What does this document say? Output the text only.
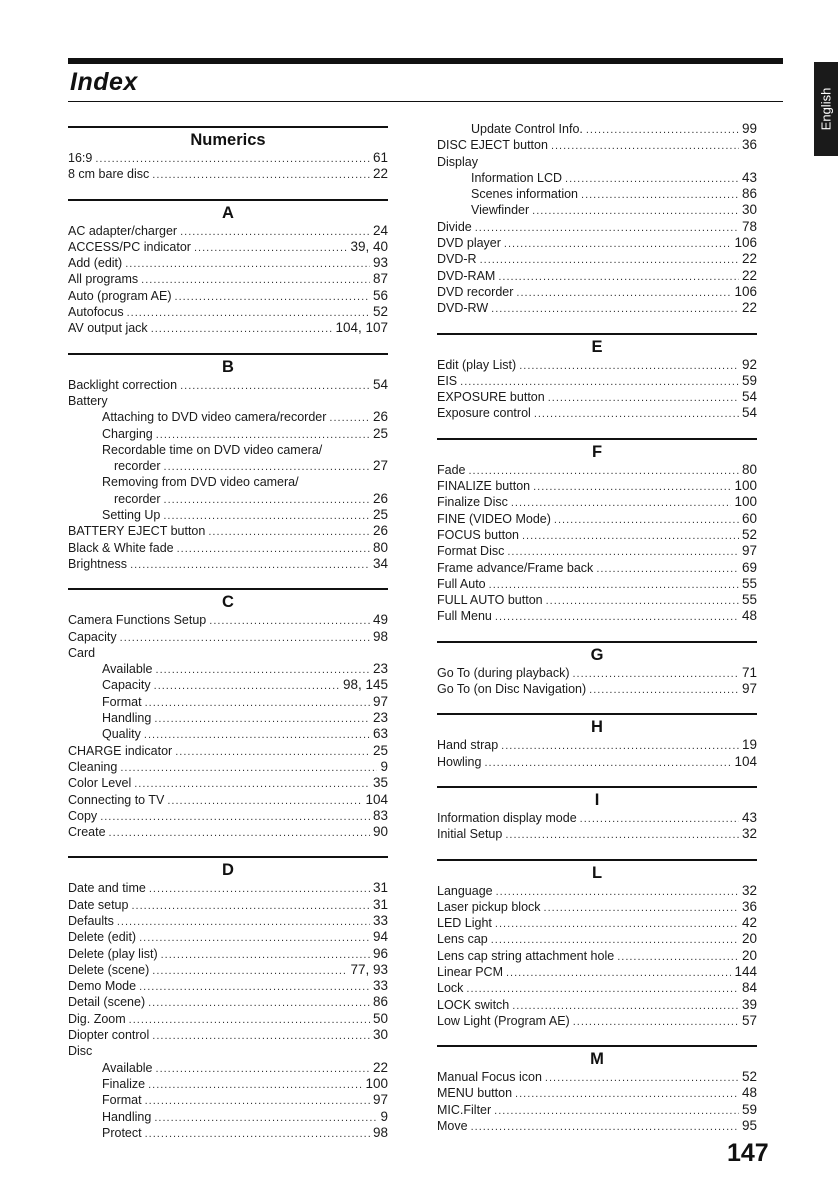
Index
English
Numerics
16:9 .....	61
8 cm bare disc .....	22
A
AC adapter/charger .....	24
ACCESS/PC indicator .....	39, 40
Add (edit) .....	93
All programs .....	87
Auto (program AE) .....	56
Autofocus .....	52
AV output jack .....	104, 107
B
Backlight correction .....	54
Battery
Attaching to DVD video camera/recorder .....	26
Charging .....	25
Recordable time on DVD video camera/
recorder .....	27
Removing from DVD video camera/
recorder .....	26
Setting Up .....	25
BATTERY EJECT button .....	26
Black & White fade .....	80
Brightness .....	34
C
Camera Functions Setup .....	49
Capacity .....	98
Card
Available .....	23
Capacity .....	98, 145
Format .....	97
Handling .....	23
Quality .....	63
CHARGE indicator .....	25
Cleaning .....	9
Color Level .....	35
Connecting to TV .....	104
Copy .....	83
Create .....	90
D
Date and time .....	31
Date setup .....	31
Defaults .....	33
Delete (edit) .....	94
Delete (play list) .....	96
Delete (scene) .....	77, 93
Demo Mode .....	33
Detail (scene) .....	86
Dig. Zoom .....	50
Diopter control .....	30
Disc
Available .....	22
Finalize .....	100
Format .....	97
Handling .....	9
Protect .....	98
Update Control Info. .....	99
DISC EJECT button .....	36
Display
Information LCD .....	43
Scenes information .....	86
Viewfinder .....	30
Divide .....	78
DVD player .....	106
DVD-R .....	22
DVD-RAM .....	22
DVD recorder .....	106
DVD-RW .....	22
E
Edit (play List) .....	92
EIS .....	59
EXPOSURE button .....	54
Exposure control .....	54
F
Fade .....	80
FINALIZE button .....	100
Finalize Disc .....	100
FINE (VIDEO Mode) .....	60
FOCUS button .....	52
Format Disc .....	97
Frame advance/Frame back .....	69
Full Auto .....	55
FULL AUTO button .....	55
Full Menu .....	48
G
Go To (during playback) .....	71
Go To (on Disc Navigation) .....	97
H
Hand strap .....	19
Howling .....	104
I
Information display mode .....	43
Initial Setup .....	32
L
Language .....	32
Laser pickup block .....	36
LED Light .....	42
Lens cap .....	20
Lens cap string attachment hole .....	20
Linear PCM .....	144
Lock .....	84
LOCK switch .....	39
Low Light (Program AE) .....	57
M
Manual Focus icon .....	52
MENU button .....	48
MIC.Filter .....	59
Move .....	95
147
